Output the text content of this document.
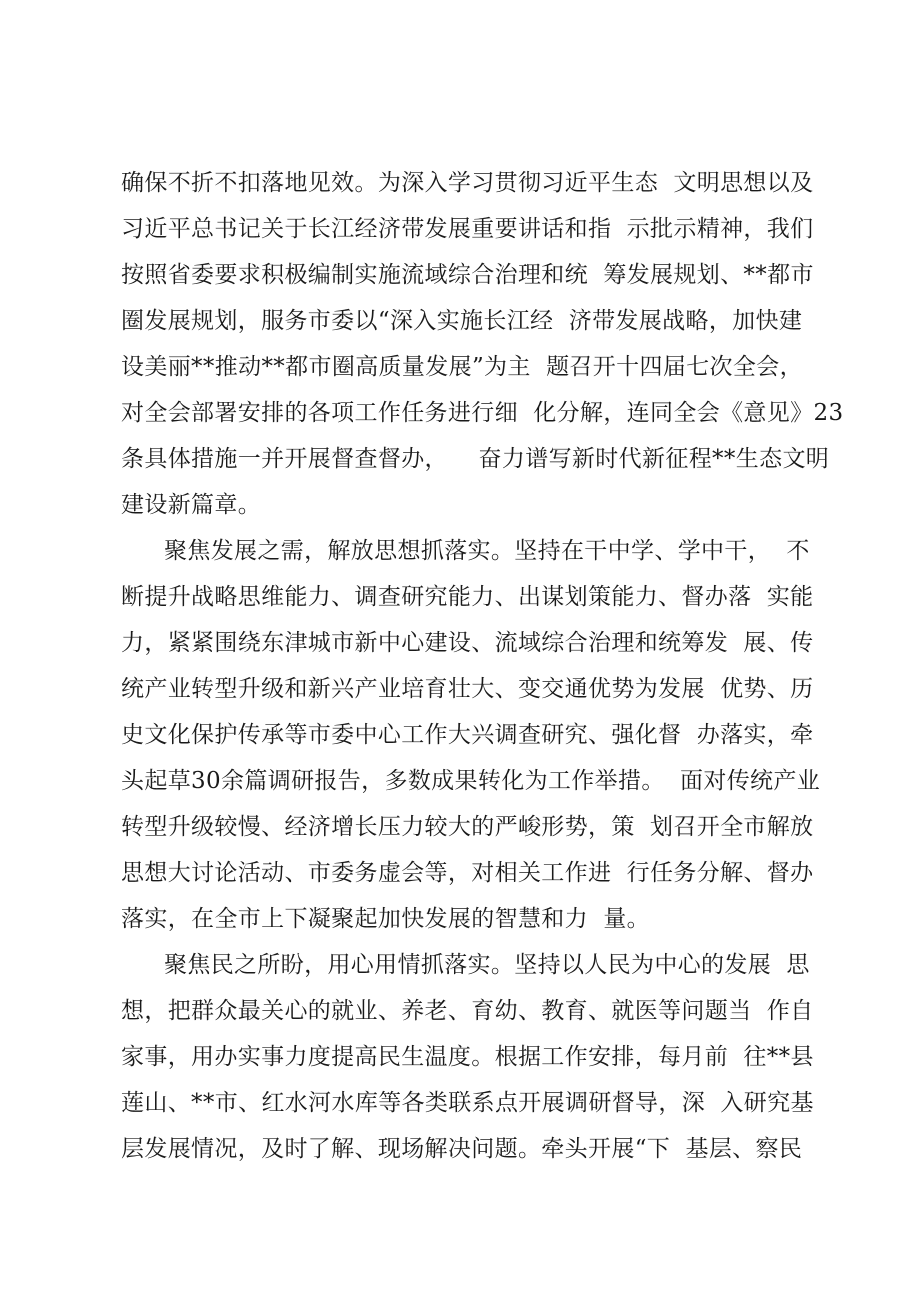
确保不折不扣落地见效。为深入学习贯彻习近平生态  文明思想以及
习近平总书记关于长江经济带发展重要讲话和指  示批示精神，我们
按照省委要求积极编制实施流域综合治理和统  筹发展规划、**都市
圈发展规划，服务市委以“深入实施长江经  济带发展战略，加快建
设美丽**推动**都市圈高质量发展”为主  题召开十四届七次全会，
对全会部署安排的各项工作任务进行细  化分解，连同全会《意见》23
条具体措施一并开展督查督办，    奋力谱写新时代新征程**生态文明
建设新篇章。
聚焦发展之需，解放思想抓落实。坚持在干中学、学中干，  不
断提升战略思维能力、调查研究能力、出谋划策能力、督办落  实能
力，紧紧围绕东津城市新中心建设、流域综合治理和统筹发  展、传
统产业转型升级和新兴产业培育壮大、变交通优势为发展  优势、历
史文化保护传承等市委中心工作大兴调查研究、强化督  办落实，牵
头起草30余篇调研报告，多数成果转化为工作举措。  面对传统产业
转型升级较慢、经济增长压力较大的严峻形势，策  划召开全市解放
思想大讨论活动、市委务虚会等，对相关工作进  行任务分解、督办
落实，在全市上下凝聚起加快发展的智慧和力  量。
聚焦民之所盼，用心用情抓落实。坚持以人民为中心的发展  思
想，把群众最关心的就业、养老、育幼、教育、就医等问题当  作自
家事，用办实事力度提高民生温度。根据工作安排，每月前  往**县
莲山、**市、红水河水库等各类联系点开展调研督导，深  入研究基
层发展情况，及时了解、现场解决问题。牵头开展“下  基层、察民
